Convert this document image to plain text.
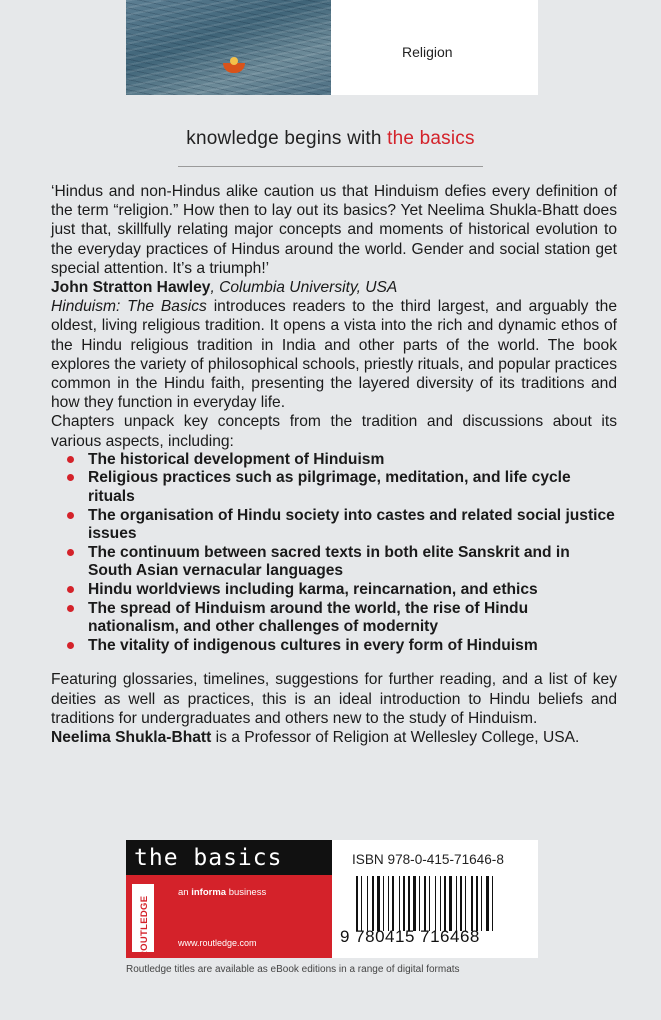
Religion
knowledge begins with the basics

‘Hindus and non-Hindus alike caution us that Hinduism defies every definition of the term “religion.” How then to lay out its basics? Yet Neelima Shukla-Bhatt does just that, skillfully relating major concepts and moments of historical evolution to the everyday practices of Hindus around the world. Gender and social station get special attention. It’s a triumph!’

John Stratton Hawley, Columbia University, USA

Hinduism: The Basics introduces readers to the third largest, and arguably the oldest, living religious tradition. It opens a vista into the rich and dynamic ethos of the Hindu religious tradition in India and other parts of the world. The book explores the variety of philosophical schools, priestly rituals, and popular practices common in the Hindu faith, presenting the layered diversity of its traditions and how they function in everyday life.

Chapters unpack key concepts from the tradition and discussions about its various aspects, including:

The historical development of Hinduism
Religious practices such as pilgrimage, meditation, and life cycle rituals
The organisation of Hindu society into castes and related social justice issues
The continuum between sacred texts in both elite Sanskrit and in South Asian vernacular languages
Hindu worldviews including karma, reincarnation, and ethics
The spread of Hinduism around the world, the rise of Hindu nationalism, and other challenges of modernity
The vitality of indigenous cultures in every form of Hinduism

Featuring glossaries, timelines, suggestions for further reading, and a list of key deities as well as practices, this is an ideal introduction to Hindu beliefs and traditions for undergraduates and others new to the study of Hinduism.

Neelima Shukla-Bhatt is a Professor of Religion at Wellesley College, USA.

the basics
ROUTLEDGE
an informa business
www.routledge.com
ISBN 978-0-415-71646-8
9 780415 716468
Routledge titles are available as eBook editions in a range of digital formats
